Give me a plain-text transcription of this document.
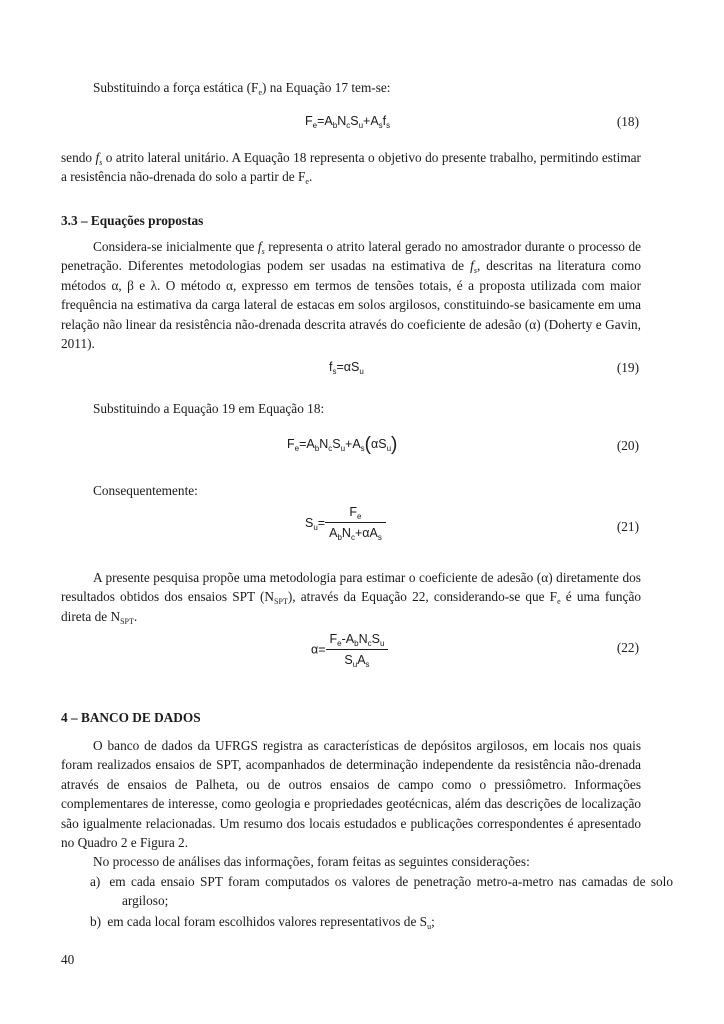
Substituindo a força estática $(F_e)$ na Equação 17 tem-se:

$F_e=A_bN_cS_u+A_sf_s$	(18)

sendo $f_s$ o atrito lateral unitário. A Equação 18 representa o objetivo do presente trabalho, permitindo estimar a resistência não-drenada do solo a partir de $F_e$.

3.3 – Equações propostas

Considera-se inicialmente que $f_s$ representa o atrito lateral gerado no amostrador durante o processo de penetração. Diferentes metodologias podem ser usadas na estimativa de $f_s$, descritas na literatura como métodos α, β e λ. O método α, expresso em termos de tensões totais, é a proposta utilizada com maior frequência na estimativa da carga lateral de estacas em solos argilosos, constituindo-se basicamente em uma relação não linear da resistência não-drenada descrita através do coeficiente de adesão (α) (Doherty e Gavin, 2011).

$f_s=\alpha S_u$	(19)

Substituindo a Equação 19 em Equação 18:

$F_e=A_bN_cS_u+A_s(\alpha S_u)$	(20)

Consequentemente:

$S_u= \frac{F_e}{A_bN_c+\alpha A_s}$	(21)

A presente pesquisa propõe uma metodologia para estimar o coeficiente de adesão (α) diretamente dos resultados obtidos dos ensaios SPT $(N_{SPT})$, através da Equação 22, considerando-se que $F_e$ é uma função direta de $N_{SPT}$.

$\alpha= \frac{F_e-A_bN_cS_u}{S_uA_s}$	(22)
4 – BANCO DE DADOS

O banco de dados da UFRGS registra as características de depósitos argilosos, em locais nos quais foram realizados ensaios de SPT, acompanhados de determinação independente da resistência não-drenada através de ensaios de Palheta, ou de outros ensaios de campo como o pressiômetro. Informações complementares de interesse, como geologia e propriedades geotécnicas, além das descrições de localização são igualmente relacionadas. Um resumo dos locais estudados e publicações correspondentes é apresentado no Quadro 2 e Figura 2.

No processo de análises das informações, foram feitas as seguintes considerações:

a) em cada ensaio SPT foram computados os valores de penetração metro-a-metro nas camadas de solo argiloso;

b) em cada local foram escolhidos valores representativos de $S_u$;

40
